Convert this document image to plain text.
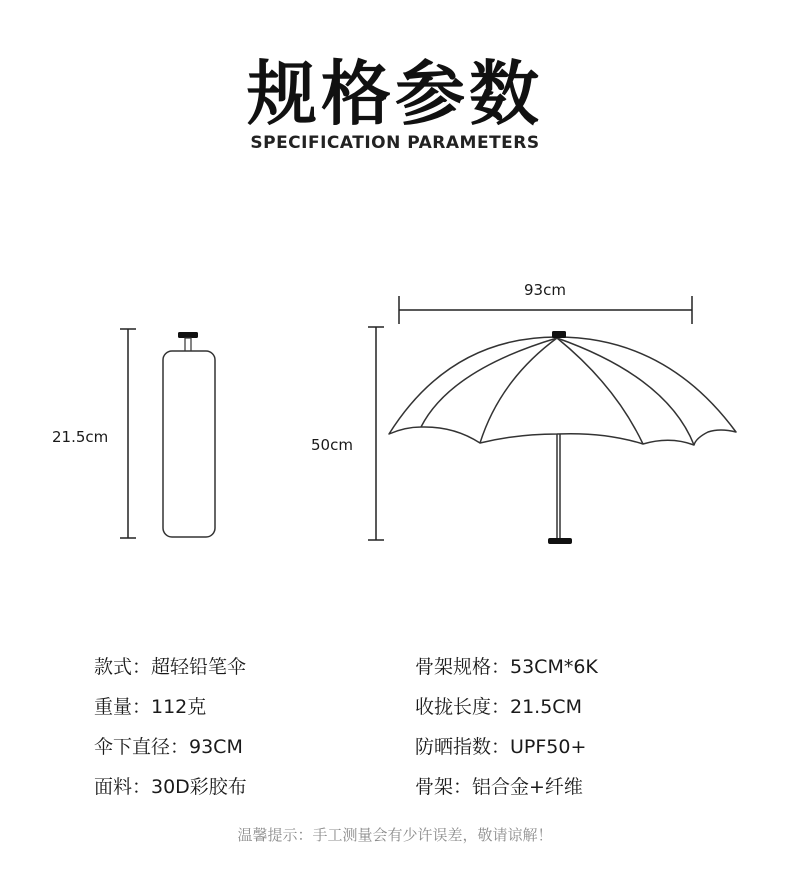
规格参数
SPECIFICATION PARAMETERS
21.5cm
93cm
50cm
款式：超轻铅笔伞
重量：112克
伞下直径：93CM
面料：30D彩胶布
骨架规格：53CM*6K
收拢长度：21.5CM
防晒指数：UPF50+
骨架：铝合金+纤维
温馨提示：手工测量会有少许误差，敬请谅解！
